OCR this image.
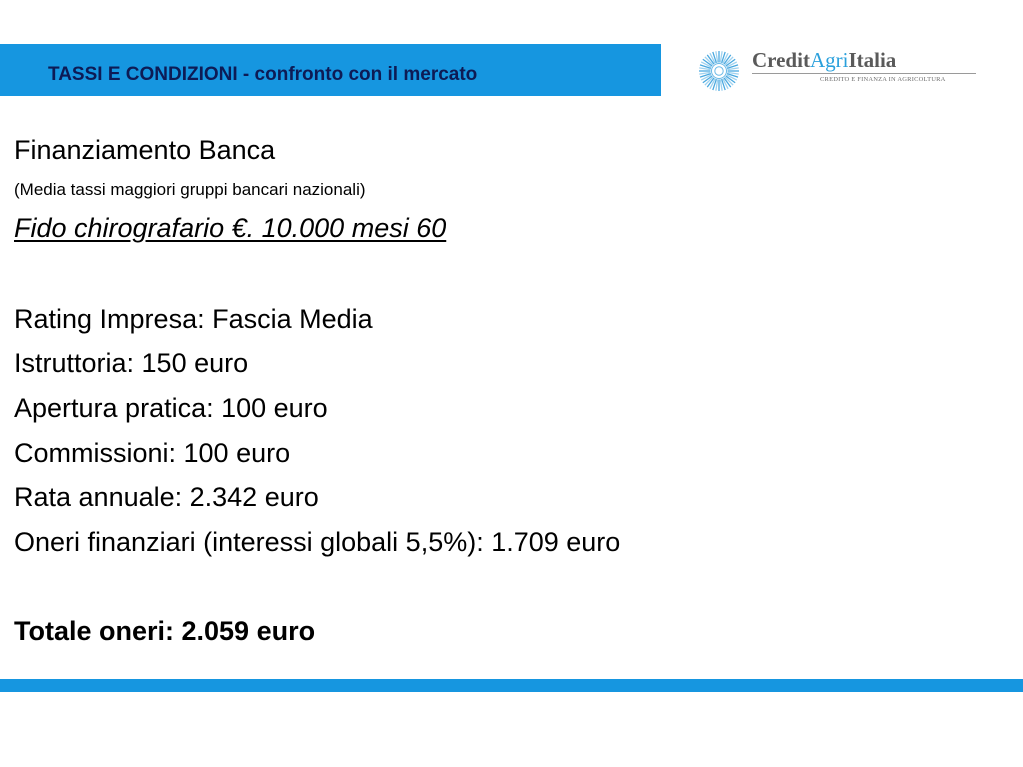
TASSI E CONDIZIONI - confronto con il mercato
CreditAgriItalia
CREDITO E FINANZA IN AGRICOLTURA
Finanziamento Banca
(Media tassi maggiori gruppi bancari nazionali)
Fido chirografario €. 10.000 mesi 60
Rating Impresa: Fascia Media
Istruttoria: 150 euro
Apertura pratica: 100 euro
Commissioni: 100 euro
Rata annuale: 2.342 euro
Oneri finanziari (interessi globali 5,5%): 1.709 euro
Totale oneri: 2.059 euro
